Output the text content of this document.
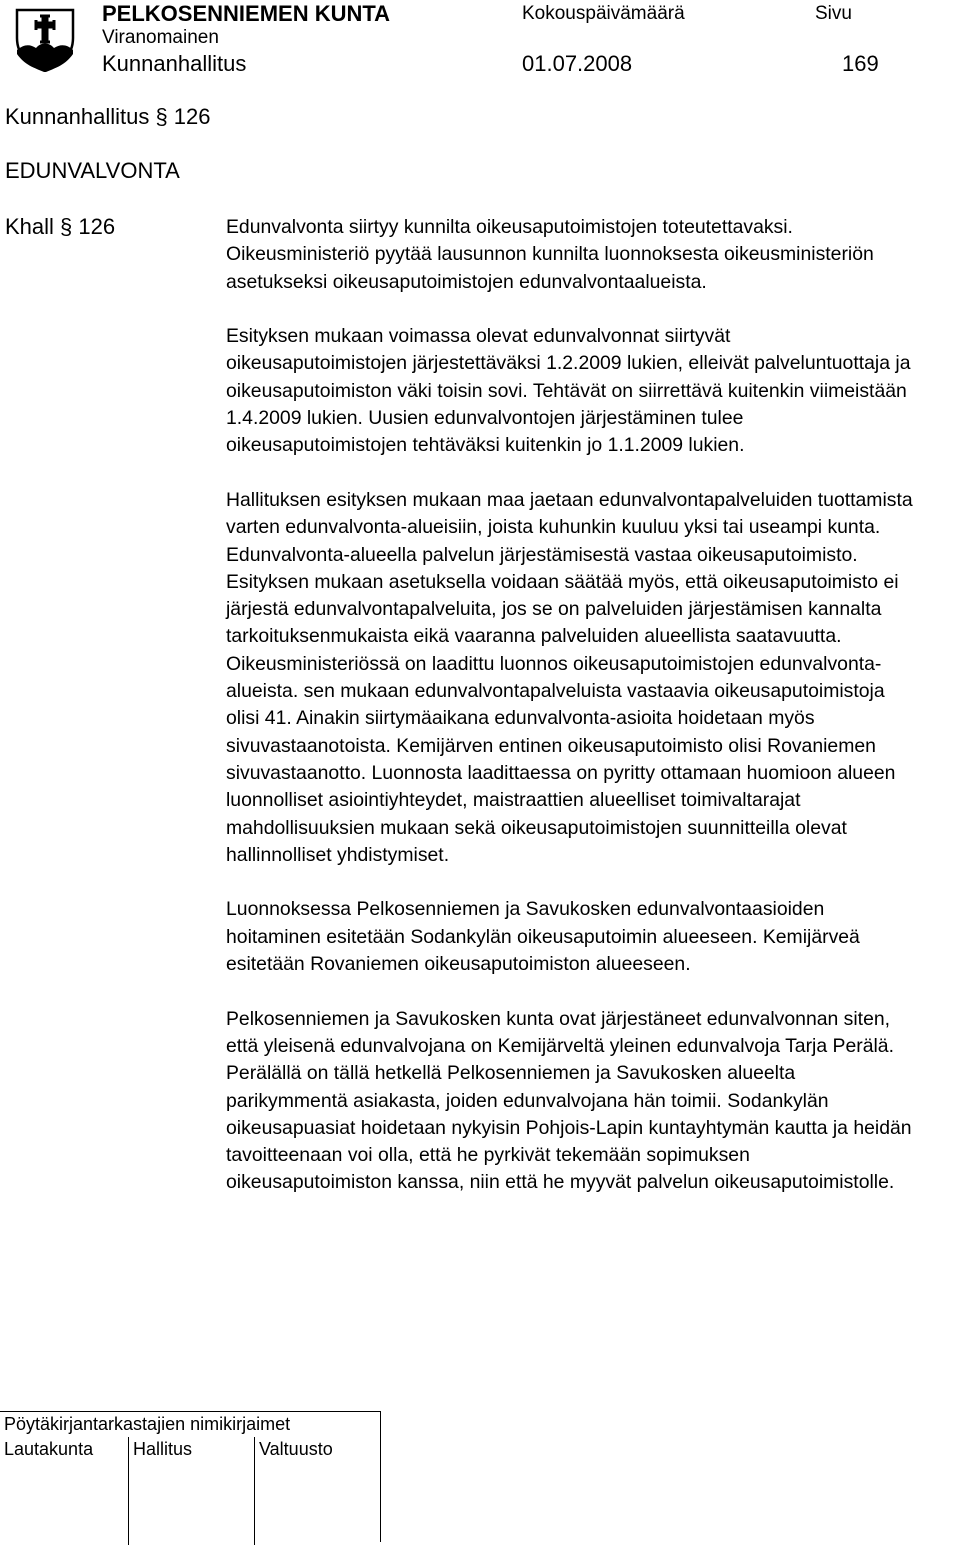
PELKOSENNIEMEN KUNTA	Kokouspäivämäärä	Sivu
Viranomainen
Kunnanhallitus	01.07.2008	169
Kunnanhallitus § 126
EDUNVALVONTA
Khall § 126	Edunvalvonta siirtyy kunnilta oikeusaputoimistojen toteutettavaksi. Oikeusministeriö pyytää lausunnon kunnilta luonnoksesta oikeusministeriön asetukseksi oikeusaputoimistojen edunvalvontaalueista.

Esityksen mukaan voimassa olevat edunvalvonnat siirtyvät oikeusaputoimistojen järjestettäväksi 1.2.2009 lukien, elleivät palveluntuottaja ja oikeusaputoimiston väki toisin sovi. Tehtävät on siirrettävä kuitenkin viimeistään 1.4.2009 lukien. Uusien edunvalvontojen järjestäminen tulee oikeusaputoimistojen tehtäväksi kuitenkin jo 1.1.2009 lukien.

Hallituksen esityksen mukaan maa jaetaan edunvalvontapalveluiden tuottamista varten edunvalvonta-alueisiin, joista kuhunkin kuuluu yksi tai useampi kunta. Edunvalvonta-alueella palvelun järjestämisestä vastaa oikeusaputoimisto. Esityksen mukaan asetuksella voidaan säätää myös, että oikeusaputoimisto ei järjestä edunvalvontapalveluita, jos se on palveluiden järjestämisen kannalta tarkoituksenmukaista eikä vaaranna palveluiden alueellista saatavuutta. Oikeusministeriössä on laadittu luonnos oikeusaputoimistojen edunvalvonta-alueista. sen mukaan edunvalvontapalveluista vastaavia oikeusaputoimistoja olisi 41. Ainakin siirtymäaikana edunvalvonta-asioita hoidetaan myös sivuvastaanotoista. Kemijärven entinen oikeusaputoimisto olisi Rovaniemen sivuvastaanotto. Luonnosta laadittaessa on pyritty ottamaan huomioon alueen luonnolliset asiointiyhteydet, maistraattien alueelliset toimivaltarajat mahdollisuuksien mukaan sekä oikeusaputoimistojen suunnitteilla olevat hallinnolliset yhdistymiset.

Luonnoksessa Pelkosenniemen ja Savukosken edunvalvontaasioiden hoitaminen esitetään Sodankylän oikeusaputoimin alueeseen. Kemijärveä esitetään Rovaniemen oikeusaputoimiston alueeseen.

Pelkosenniemen ja Savukosken kunta ovat järjestäneet edunvalvonnan siten, että yleisenä edunvalvojana on Kemijärveltä yleinen edunvalvoja Tarja Perälä. Perälällä on tällä hetkellä Pelkosenniemen ja Savukosken alueelta parikymmentä asiakasta, joiden edunvalvojana hän toimii. Sodankylän oikeusapuasiat hoidetaan nykyisin Pohjois-Lapin kuntayhtymän kautta ja heidän tavoitteenaan voi olla, että he pyrkivät tekemään sopimuksen oikeusaputoimiston kanssa, niin että he myyvät palvelun oikeusaputoimistolle.

Pöytäkirjantarkastajien nimikirjaimet
Lautakunta	Hallitus	Valtuusto
